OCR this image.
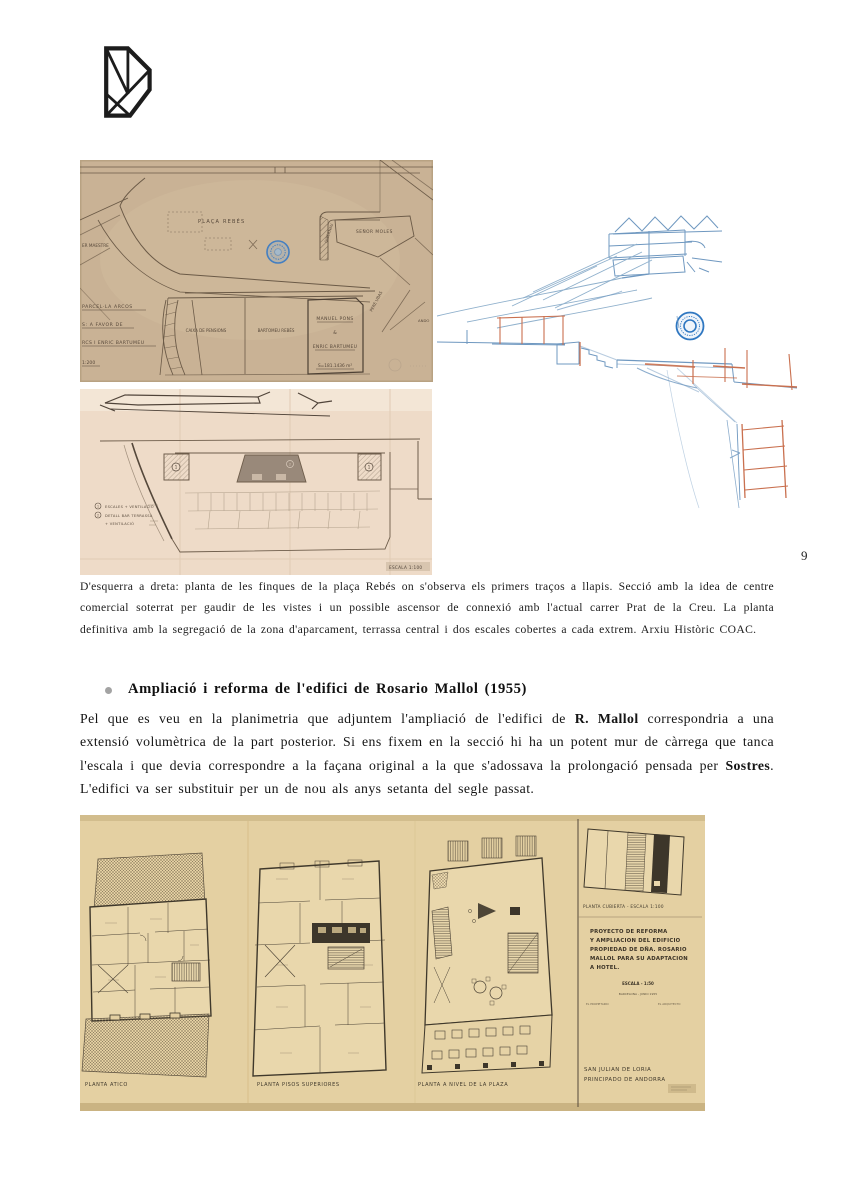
9
SEÑOR MOLES
GIBERNAU
MANUEL PONS
&
ENRIC BARTUMEU
S=181.1436 m²
PLAÇA REBÉS
ER MAESTRE
CAIXA DE PENSIONS	BARTOMEU REBÉS
PARCEL·LA ARCOS
S: A FAVOR DE
RCS I ENRIC BARTUMEU
1:200
PERE UBAS
ANDO
1
2
1
1 ESCALES + VENTILACIÓ
2 DETALL BAR TERRASSA
+ VENTILACIÓ
ESCALA 1:100

D'esquerra a dreta: planta de les finques de la plaça Rebés on s'observa els primers traços a llapis. Secció amb la idea de centre comercial soterrat per gaudir de les vistes i un possible ascensor de connexió amb l'actual carrer Prat de la Creu. La planta definitiva amb la segregació de la zona d'aparcament, terrassa central i dos escales cobertes a cada extrem. Arxiu Històric COAC.

Ampliació i reforma de l'edifici de Rosario Mallol (1955)

Pel que es veu en la planimetria que adjuntem l'ampliació de l'edifici de R. Mallol correspondria a una extensió volumètrica de la part posterior. Si ens fixem en la secció hi ha un potent mur de càrrega que tanca l'escala i que devia correspondre a la façana original a la que s'adossava la prolongació pensada per Sostres. L'edifici va ser substituir per un de nou als anys setanta del segle passat.

PLANTA ATICO	PLANTA PISOS SUPERIORES	PLANTA A NIVEL DE LA PLAZA
PLANTA CUBIERTA - ESCALA 1:100
PROYECTO DE REFORMA
Y AMPLIACION DEL EDIFICIO
PROPIEDAD DE DÑA. ROSARIO
MALLOL PARA SU ADAPTACION
A HOTEL.
ESCALA - 1:50
BARCELONA - JUNIO 1955
EL PROPIETARIO	EL ARQUITECTO
SAN JULIAN DE LORIA
PRINCIPADO DE ANDORRA
